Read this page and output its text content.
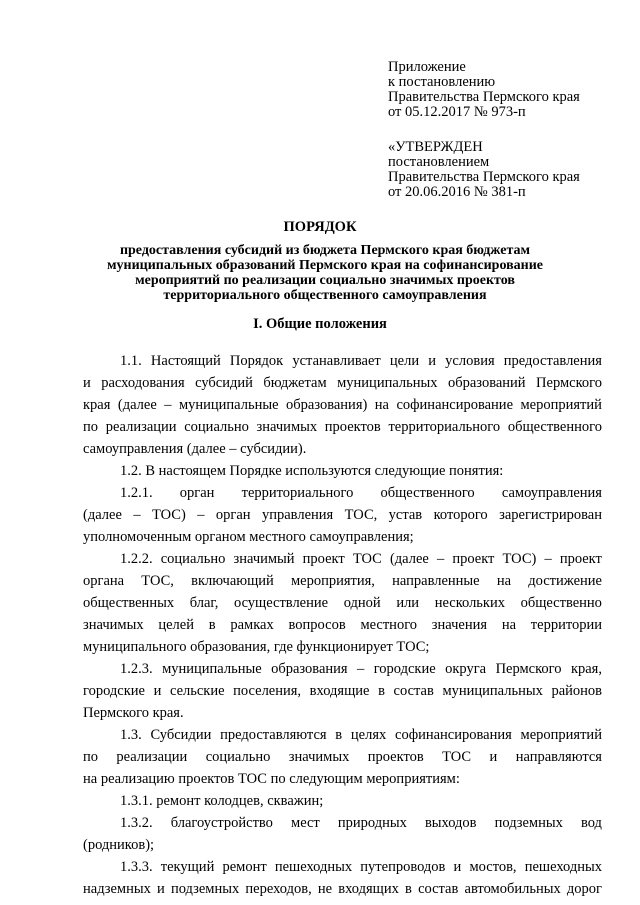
Приложение
к постановлению
Правительства Пермского края
от 05.12.2017 № 973-п
«УТВЕРЖДЕН
постановлением
Правительства Пермского края
от 20.06.2016 № 381-п
ПОРЯДОК
предоставления субсидий из бюджета Пермского края бюджетам
муниципальных образований Пермского края на софинансирование
мероприятий по реализации социально значимых проектов
территориального общественного самоуправления
I. Общие положения
1.1. Настоящий Порядок устанавливает цели и условия предоставления
и расходования субсидий бюджетам муниципальных образований Пермского
края (далее – муниципальные образования) на софинансирование мероприятий
по реализации социально значимых проектов территориального общественного
самоуправления (далее – субсидии).
1.2. В настоящем Порядке используются следующие понятия:
1.2.1. орган территориального общественного самоуправления
(далее – ТОС) – орган управления ТОС, устав которого зарегистрирован
уполномоченным органом местного самоуправления;
1.2.2. социально значимый проект ТОС (далее – проект ТОС) – проект
органа ТОС, включающий мероприятия, направленные на достижение
общественных благ, осуществление одной или нескольких общественно
значимых целей в рамках вопросов местного значения на территории
муниципального образования, где функционирует ТОС;
1.2.3. муниципальные образования – городские округа Пермского края,
городские и сельские поселения, входящие в состав муниципальных районов
Пермского края.
1.3. Субсидии предоставляются в целях софинансирования мероприятий
по реализации социально значимых проектов ТОС и направляются
на реализацию проектов ТОС по следующим мероприятиям:
1.3.1. ремонт колодцев, скважин;
1.3.2. благоустройство мест природных выходов подземных вод
(родников);
1.3.3. текущий ремонт пешеходных путепроводов и мостов, пешеходных
надземных и подземных переходов, не входящих в состав автомобильных дорог
